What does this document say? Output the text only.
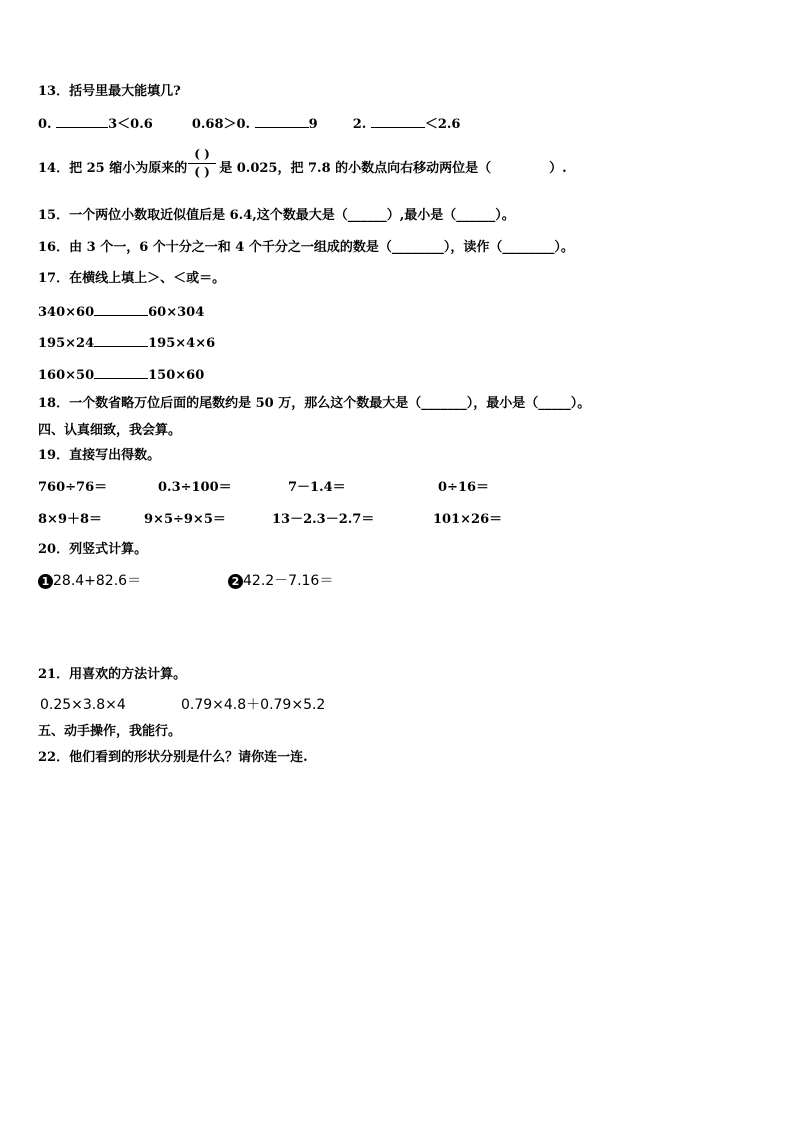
13．括号里最大能填几?
0.	3＜0.6	0.68＞0.	9	2.	＜2.6
14．把 25 缩小为原来的 是 0.025，把 7.8 的小数点向右移动两位是（	）.
( )
( )
15．一个两位小数取近似值后是 6.4,这个数最大是（______）,最小是（______）。
16．由 3 个一，6 个十分之一和 4 个千分之一组成的数是（________），读作（________）。
17．在横线上填上＞、＜或＝。
340×60	60×304
195×24	195×4×6
160×50	150×60
18．一个数省略万位后面的尾数约是 50 万，那么这个数最大是（_______），最小是（_____）。
四、认真细致，我会算。
19．直接写出得数。
760÷76＝	0.3÷100＝	7－1.4＝	0÷16＝
8×9＋8＝	9×5÷9×5＝	13－2.3－2.7＝	101×26＝
20．列竖式计算。
1 28.4+82.6＝	2 42.2－7.16＝
21．用喜欢的方法计算。
0.25×3.8×4	0.79×4.8＋0.79×5.2
五、动手操作，我能行。
22．他们看到的形状分别是什么？请你连一连.
